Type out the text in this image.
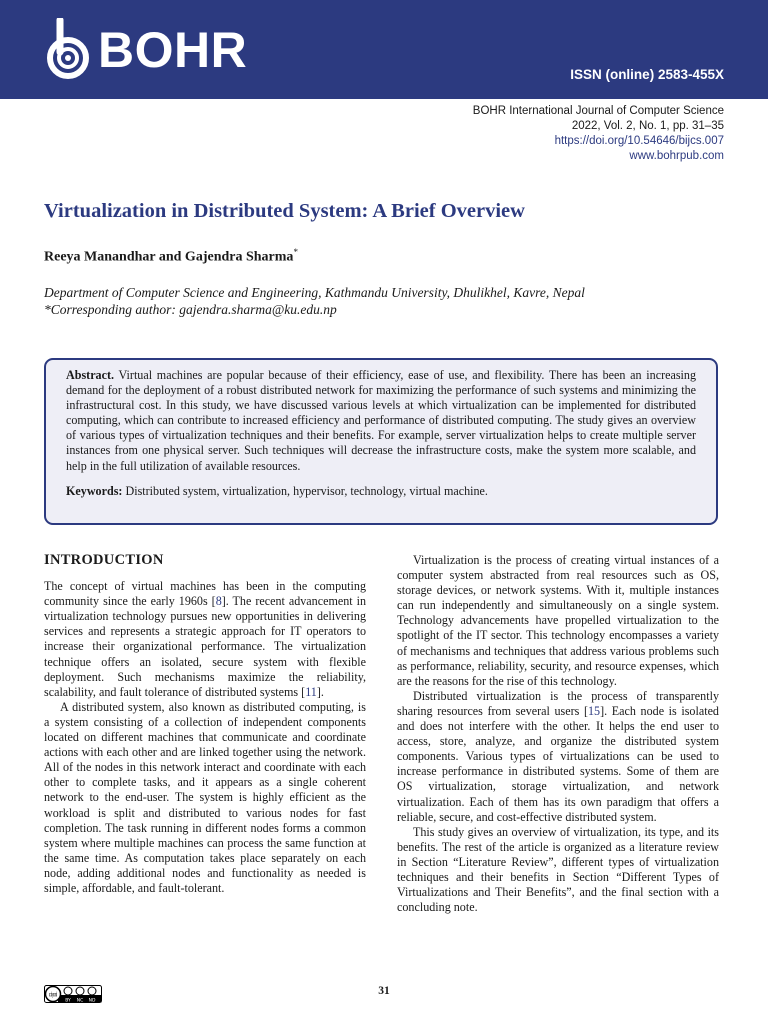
BOHR	ISSN (online) 2583-455X
BOHR International Journal of Computer Science
2022, Vol. 2, No. 1, pp. 31–35
https://doi.org/10.54646/bijcs.007
www.bohrpub.com
Virtualization in Distributed System: A Brief Overview
Reeya Manandhar and Gajendra Sharma*
Department of Computer Science and Engineering, Kathmandu University, Dhulikhel, Kavre, Nepal
*Corresponding author: gajendra.sharma@ku.edu.np

Abstract. Virtual machines are popular because of their efficiency, ease of use, and flexibility. There has been an increasing demand for the deployment of a robust distributed network for maximizing the performance of such systems and minimizing the infrastructural cost. In this study, we have discussed various levels at which virtualization can be implemented for distributed computing, which can contribute to increased efficiency and performance of distributed computing. The study gives an overview of various types of virtualization techniques and their benefits. For example, server virtualization helps to create multiple server instances from one physical server. Such techniques will decrease the infrastructure costs, make the system more scalable, and help in the full utilization of available resources.

Keywords: Distributed system, virtualization, hypervisor, technology, virtual machine.

INTRODUCTION

The concept of virtual machines has been in the computing community since the early 1960s [8]. The recent advancement in virtualization technology pursues new opportunities in delivering services and represents a strategic approach for IT operators to increase their organizational performance. The virtualization technique offers an isolated, secure system with flexible deployment. Such mechanisms maximize the reliability, scalability, and fault tolerance of distributed systems [11].

A distributed system, also known as distributed computing, is a system consisting of a collection of independent components located on different machines that communicate and coordinate actions with each other and are linked together using the network. All of the nodes in this network interact and coordinate with each other to complete tasks, and it appears as a single coherent network to the end-user. The system is highly efficient as the workload is split and distributed to various nodes for fast completion. The task running in different nodes forms a common system where multiple machines can process the same function at the same time. As computation takes place separately on each node, adding additional nodes and functionality as needed is simple, affordable, and fault-tolerant.

Virtualization is the process of creating virtual instances of a computer system abstracted from real resources such as OS, storage devices, or network systems. With it, multiple instances can run independently and simultaneously on a single system. Technology advancements have propelled virtualization to the spotlight of the IT sector. This technology encompasses a variety of mechanisms and techniques that address various problems such as performance, reliability, security, and resource expenses, which are the reasons for the rise of this technology.

Distributed virtualization is the process of transparently sharing resources from several users [15]. Each node is isolated and does not interfere with the other. It helps the end user to access, store, analyze, and organize the distributed system components. Various types of virtualizations can be used to increase performance in distributed systems. Some of them are OS virtualization, storage virtualization, and network virtualization. Each of them has its own paradigm that offers a reliable, secure, and cost-effective distributed system.

This study gives an overview of virtualization, its type, and its benefits. The rest of the article is organized as a literature review in Section “Literature Review”, different types of virtualization techniques and their benefits in Section “Different Types of Virtualizations and Their Benefits”, and the final section with a concluding note.

cc by nc nd
BY NC ND
31
